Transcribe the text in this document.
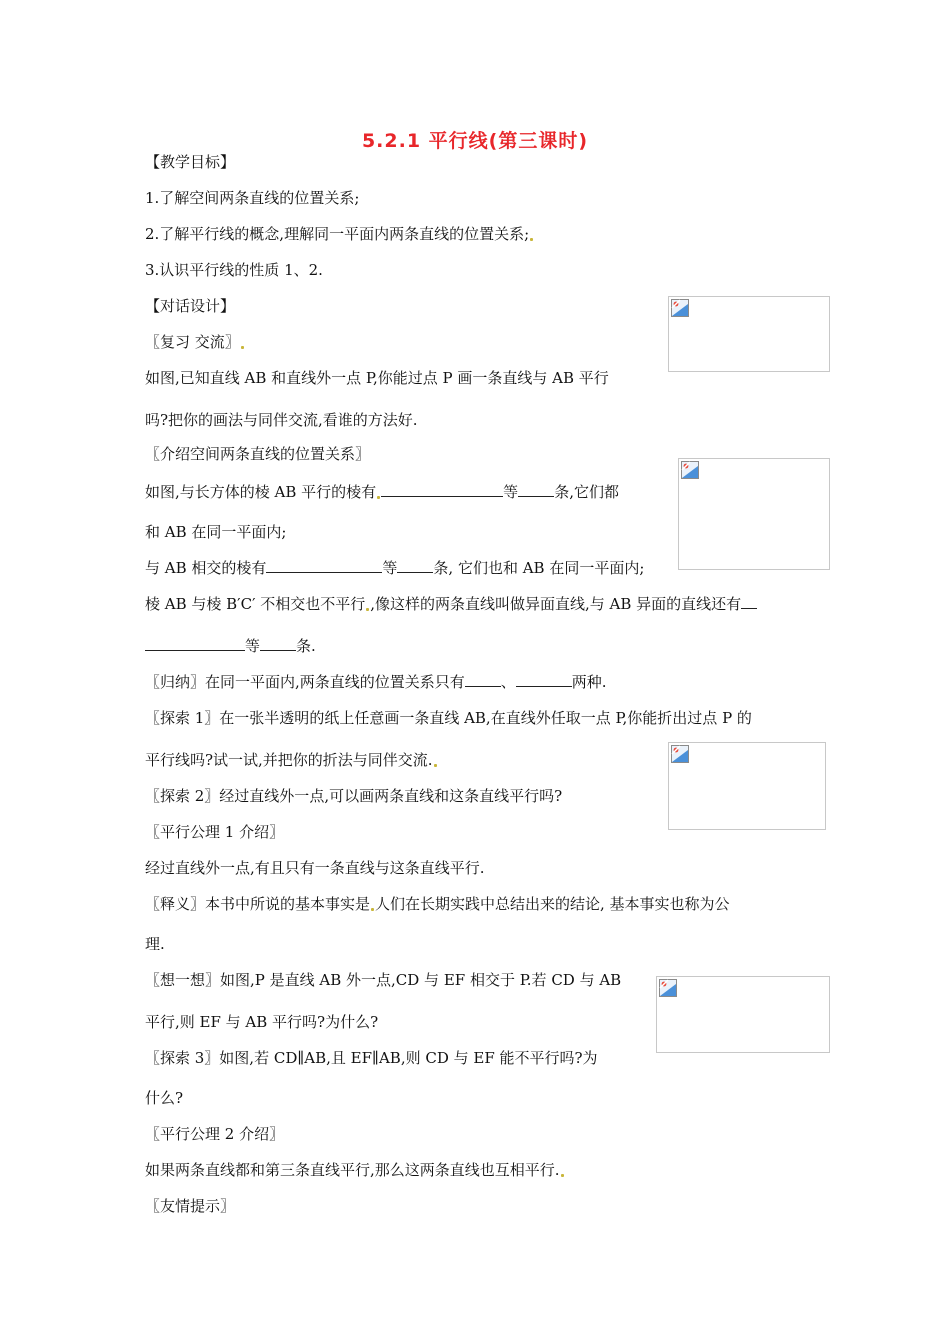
5.2.1 平行线(第三课时)
【教学目标】
1.了解空间两条直线的位置关系;
2.了解平行线的概念,理解同一平面内两条直线的位置关系;
3.认识平行线的性质 1、2.
【对话设计】
〖复习 交流〗
如图,已知直线 AB 和直线外一点 P,你能过点 P 画一条直线与 AB 平行
吗?把你的画法与同伴交流,看谁的方法好.
〖介绍空间两条直线的位置关系〗
如图,与长方体的棱 AB 平行的棱有	等 条,它们都
和 AB 在同一平面内;
与 AB 相交的棱有	等 条, 它们也和 AB 在同一平面内;
棱 AB 与棱 B′C′ 不相交也不平行 ,像这样的两条直线叫做异面直线,与 AB 异面的直线还有
等 条.
〖归纳〗在同一平面内,两条直线的位置关系只有 、	两种.
〖探索 1〗在一张半透明的纸上任意画一条直线 AB,在直线外任取一点 P,你能折出过点 P 的
平行线吗?试一试,并把你的折法与同伴交流.
〖探索 2〗经过直线外一点,可以画两条直线和这条直线平行吗?
〖平行公理 1 介绍〗
经过直线外一点,有且只有一条直线与这条直线平行.
〖释义〗本书中所说的基本事实是 人们在长期实践中总结出来的结论, 基本事实也称为公
理.
〖想一想〗如图,P 是直线 AB 外一点,CD 与 EF 相交于 P.若 CD 与 AB
平行,则 EF 与 AB 平行吗?为什么?
〖探索 3〗如图,若 CD∥AB,且 EF∥AB,则 CD 与 EF 能不平行吗?为
什么?
〖平行公理 2 介绍〗
如果两条直线都和第三条直线平行,那么这两条直线也互相平行.
〖友情提示〗
